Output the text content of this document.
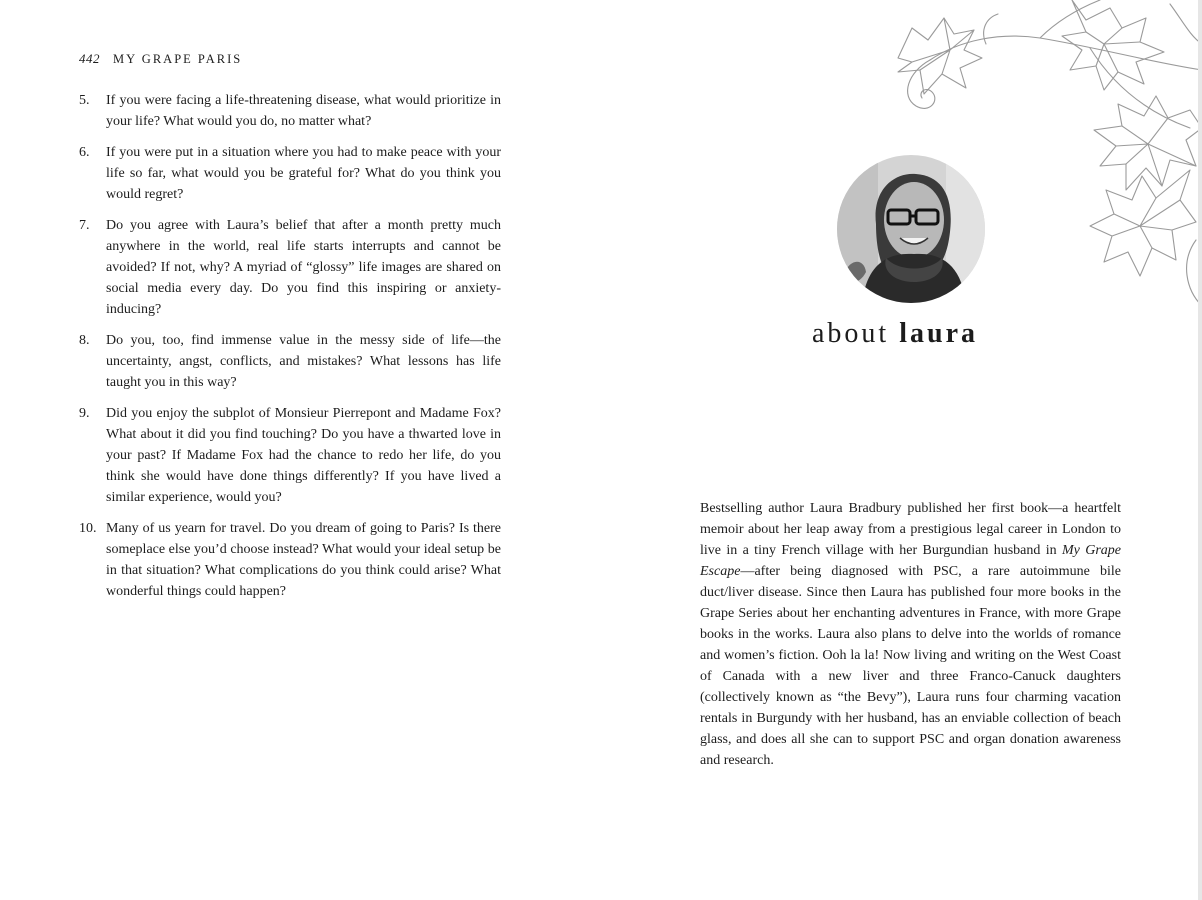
442 MY GRAPE PARIS
5.	If you were facing a life-threatening disease, what would prioritize in your life? What would you do, no matter what?
6.	If you were put in a situation where you had to make peace with your life so far, what would you be grateful for? What do you think you would regret?
7.	Do you agree with Laura’s belief that after a month pretty much anywhere in the world, real life starts interrupts and cannot be avoided? If not, why? A myriad of “glossy” life images are shared on social media every day. Do you find this inspiring or anxiety-inducing?
8.	Do you, too, find immense value in the messy side of life—the uncertainty, angst, conflicts, and mistakes? What lessons has life taught you in this way?
9.	Did you enjoy the subplot of Monsieur Pierrepont and Madame Fox? What about it did you find touching? Do you have a thwarted love in your past? If Madame Fox had the chance to redo her life, do you think she would have done things differently? If you have lived a similar experience, would you?
10. Many of us yearn for travel. Do you dream of going to Paris? Is there someplace else you’d choose instead? What would your ideal setup be in that situation? What complications do you think could arise? What wonderful things could happen?
about laura

Bestselling author Laura Bradbury published her first book—a heartfelt memoir about her leap away from a prestigious legal career in London to live in a tiny French village with her Burgundian husband in My Grape Escape—after being diagnosed with PSC, a rare autoimmune bile duct/liver disease. Since then Laura has published four more books in the Grape Series about her enchanting adventures in France, with more Grape books in the works. Laura also plans to delve into the worlds of romance and women’s fiction. Ooh la la! Now living and writing on the West Coast of Canada with a new liver and three Franco-Canuck daughters (collectively known as “the Bevy”), Laura runs four charming vacation rentals in Burgundy with her husband, has an enviable collection of beach glass, and does all she can to support PSC and organ donation awareness and research.
